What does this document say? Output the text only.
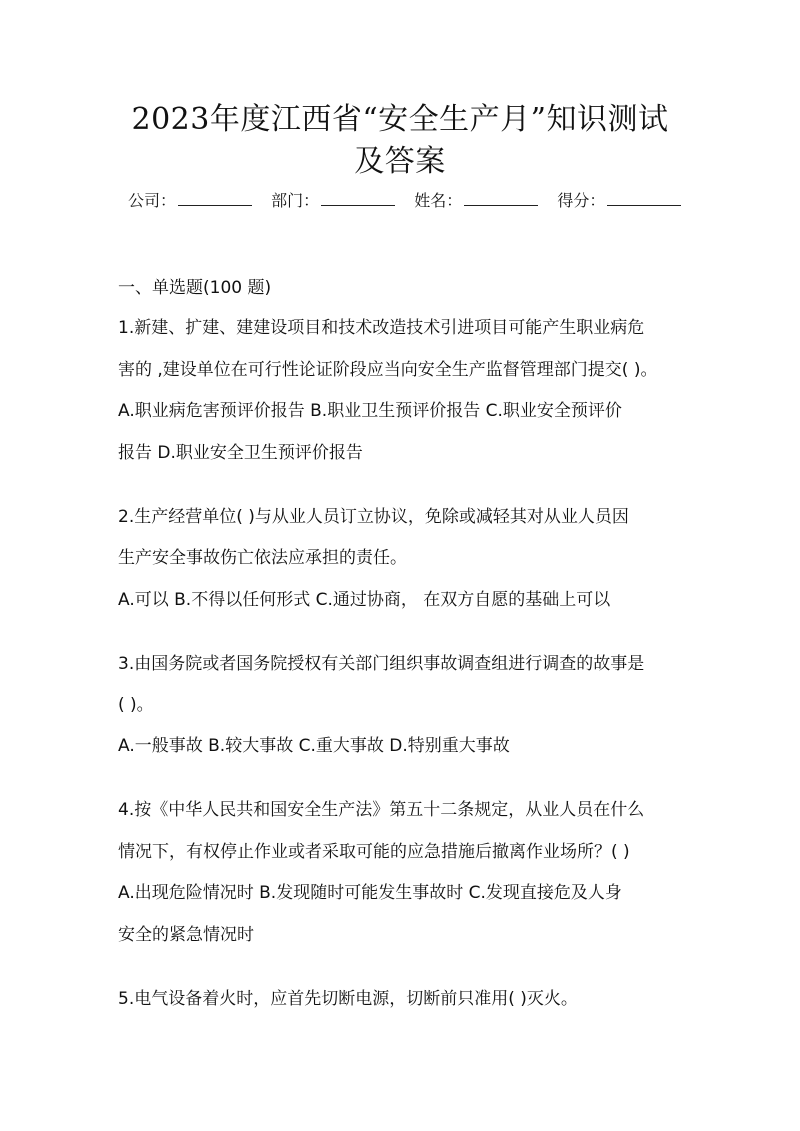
2023年度江西省“安全生产月”知识测试
及答案
公司：	部门：	姓名：	得分：
一、单选题(100 题)
1.新建、扩建、建建设项目和技术改造技术引进项目可能产生职业病危
害的 ,建设单位在可行性论证阶段应当向安全生产监督管理部门提交( )。
A.职业病危害预评价报告 B.职业卫生预评价报告 C.职业安全预评价
报告 D.职业安全卫生预评价报告
2.生产经营单位( )与从业人员订立协议，免除或减轻其对从业人员因
生产安全事故伤亡依法应承担的责任。
A.可以 B.不得以任何形式 C.通过协商， 在双方自愿的基础上可以
3.由国务院或者国务院授权有关部门组织事故调查组进行调查的故事是
( )。
A.一般事故 B.较大事故 C.重大事故 D.特别重大事故
4.按《中华人民共和国安全生产法》第五十二条规定，从业人员在什么
情况下，有权停止作业或者采取可能的应急措施后撤离作业场所？( )
A.出现危险情况时 B.发现随时可能发生事故时 C.发现直接危及人身
安全的紧急情况时
5.电气设备着火时，应首先切断电源，切断前只准用( )灭火。
